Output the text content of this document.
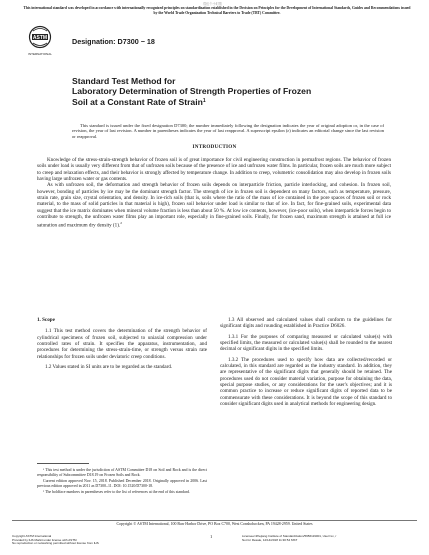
郑伍个小时帮
This international standard was developed in accordance with internationally recognized principles on standardization established in the Decision on Principles for the Development of International Standards, Guides and Recommendations issued by the World Trade Organization Technical Barriers to Trade (TBT) Committee.
ASTM
INTERNATIONAL
Designation: D7300 − 18
Standard Test Method for
Laboratory Determination of Strength Properties of Frozen
Soil at a Constant Rate of Strain$^1$
This standard is issued under the fixed designation D7300; the number immediately following the designation indicates the year of original adoption or, in the case of revision, the year of last revision. A number in parentheses indicates the year of last reapproval. A superscript epsilon (ε) indicates an editorial change since the last revision or reapproval.
INTRODUCTION

Knowledge of the stress-strain-strength behavior of frozen soil is of great importance for civil engineering construction in permafrost regions. The behavior of frozen soils under load is usually very different from that of unfrozen soils because of the presence of ice and unfrozen water films. In particular, frozen soils are much more subject to creep and relaxation effects, and their behavior is strongly affected by temperature change. In addition to creep, volumetric consolidation may also develop in frozen soils having large unfrozen water or gas contents.

As with unfrozen soil, the deformation and strength behavior of frozen soils depends on interparticle friction, particle interlocking, and cohesion. In frozen soil, however, bonding of particles by ice may be the dominant strength factor. The strength of ice in frozen soil is dependent on many factors, such as temperature, pressure, strain rate, grain size, crystal orientation, and density. In ice-rich soils (that is, soils where the ratio of the mass of ice contained in the pore spaces of frozen soil or rock material, to the mass of solid particles in that material is high), frozen soil behavior under load is similar to that of ice. In fact, for fine-grained soils, experimental data suggest that the ice matrix dominates when mineral volume fraction is less than about 50 %. At low ice contents, however, (ice-poor soils), when interparticle forces begin to contribute to strength, the unfrozen water films play an important role, especially in fine-grained soils. Finally, for frozen sand, maximum strength is attained at full ice saturation and maximum dry density (1).$^2$

1. Scope

1.1 This test method covers the determination of the strength behavior of cylindrical specimens of frozen soil, subjected to uniaxial compression under controlled rates of strain. It specifies the apparatus, instrumentation, and procedures for determining the stress-strain-time, or strength versus strain rate relationships for frozen soils under deviatoric creep conditions.

1.2 Values stated in SI units are to be regarded as the standard.

¹ This test method is under the jurisdiction of ASTM Committee D18 on Soil and Rock and is the direct responsibility of Subcommittee D18.19 on Frozen Soils and Rock.

Current edition approved Nov. 15, 2018. Published December 2018. Originally approved in 2006. Last previous edition approved in 2011 as D7300–11. DOI: 10.1520/D7300-18.

² The boldface numbers in parentheses refer to the list of references at the end of this standard.

1.3 All observed and calculated values shall conform to the guidelines for significant digits and rounding established in Practice D6026.

1.3.1 For the purposes of comparing measured or calculated value(s) with specified limits, the measured or calculated value(s) shall be rounded to the nearest decimal or significant digits in the specified limits.

1.3.2 The procedures used to specify how data are collected/recorded or calculated, in this standard are regarded as the industry standard. In addition, they are representative of the significant digits that generally should be retained. The procedures used do not consider material variation, purpose for obtaining the data, special purpose studies, or any considerations for the user's objectives; and it is common practice to increase or reduce significant digits of reported data to be commensurate with these considerations. It is beyond the scope of this standard to consider significant digits used in analytical methods for engineering design.

Copyright © ASTM International, 100 Barr Harbor Drive, PO Box C700, West Conshohocken, PA 19428-2959. United States
1
Copyright ASTM International
Provided by IHS Markit under license with ASTM
No reproduction or networking permitted without license from IHS
Licensee=Zhejiang Institute of Standardization/5956119001, User=xx, r
Not for Resale, 12/14/2018 11:30:54 MST
